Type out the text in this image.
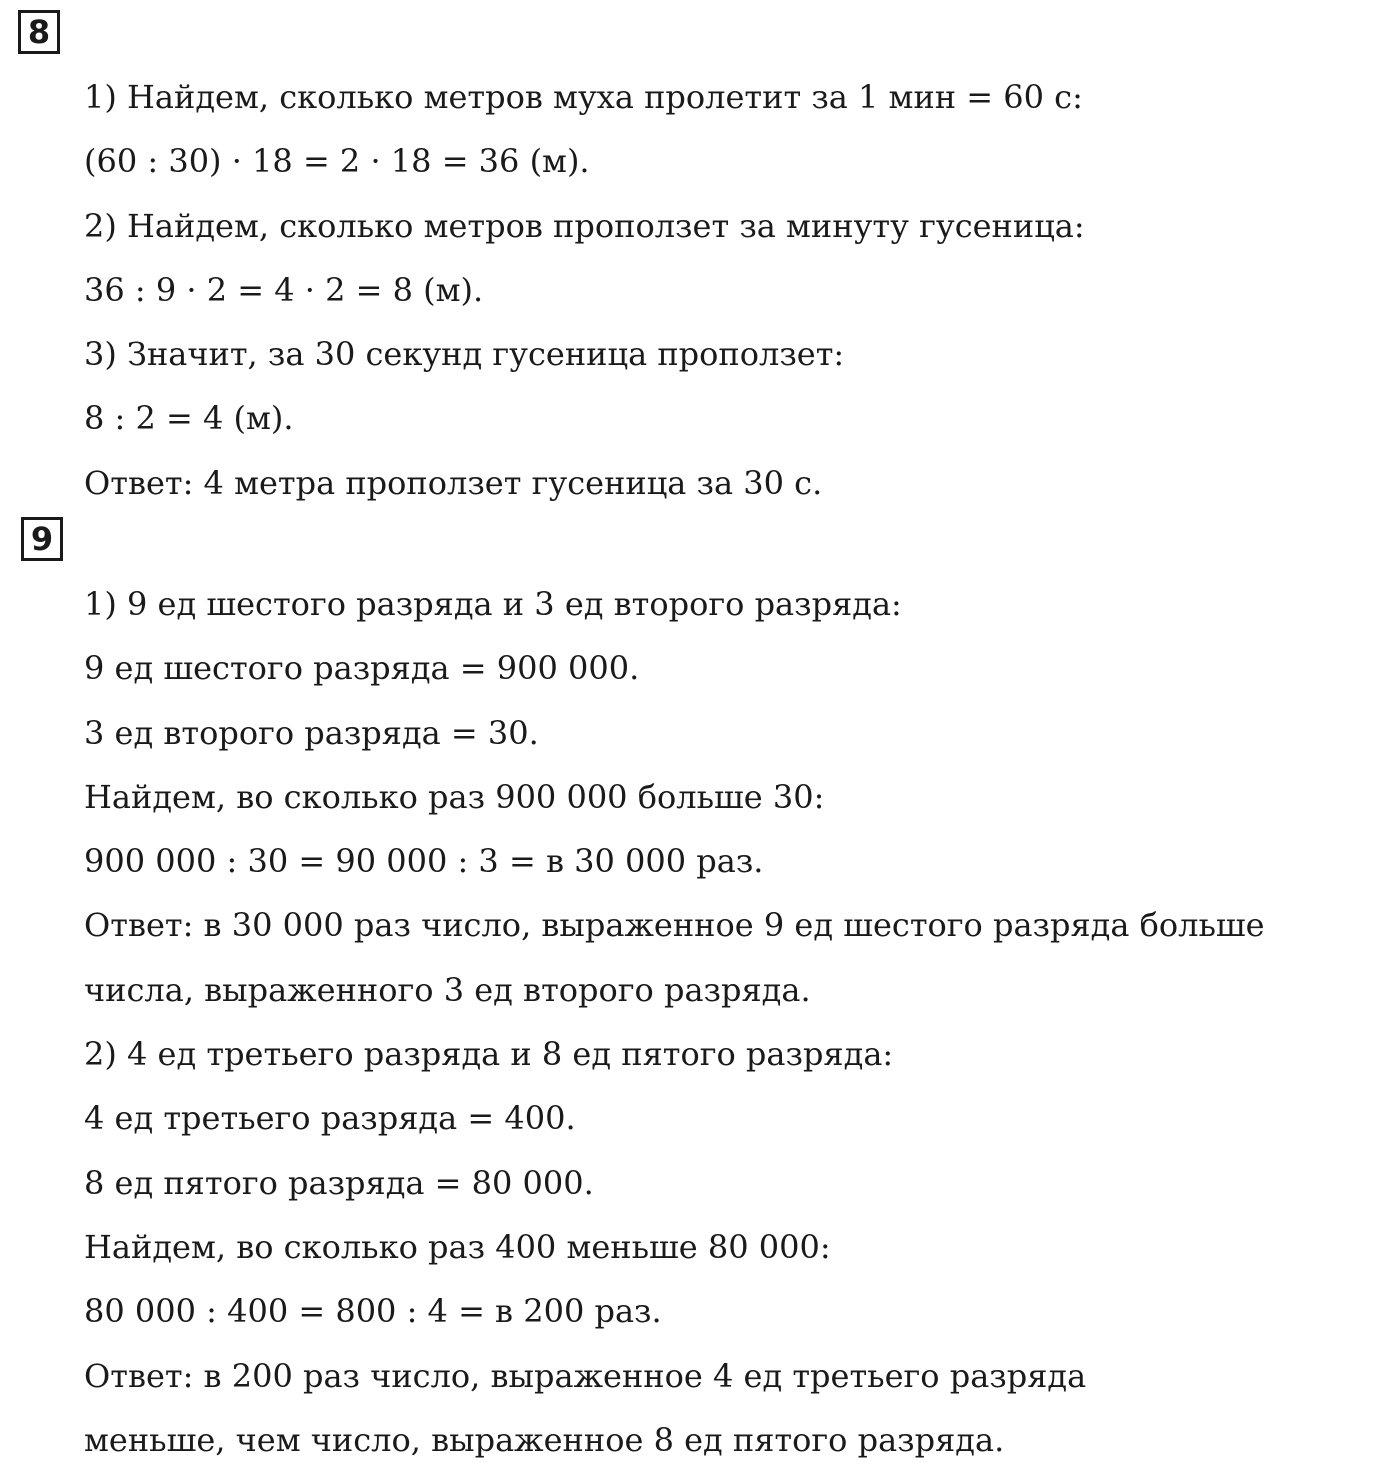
8
1) Найдем, сколько метров муха пролетит за 1 мин = 60 с:
(60 : 30) · 18 = 2 · 18 = 36 (м).
2) Найдем, сколько метров проползет за минуту гусеница:
36 : 9 · 2 = 4 · 2 = 8 (м).
3) Значит, за 30 секунд гусеница проползет:
8 : 2 = 4 (м).
Ответ: 4 метра проползет гусеница за 30 с.
9
1) 9 ед шестого разряда и 3 ед второго разряда:
9 ед шестого разряда = 900 000.
3 ед второго разряда = 30.
Найдем, во сколько раз 900 000 больше 30:
900 000 : 30 = 90 000 : 3 = в 30 000 раз.
Ответ: в 30 000 раз число, выраженное 9 ед шестого разряда больше
числа, выраженного 3 ед второго разряда.
2) 4 ед третьего разряда и 8 ед пятого разряда:
4 ед третьего разряда = 400.
8 ед пятого разряда = 80 000.
Найдем, во сколько раз 400 меньше 80 000:
80 000 : 400 = 800 : 4 = в 200 раз.
Ответ: в 200 раз число, выраженное 4 ед третьего разряда
меньше, чем число, выраженное 8 ед пятого разряда.
